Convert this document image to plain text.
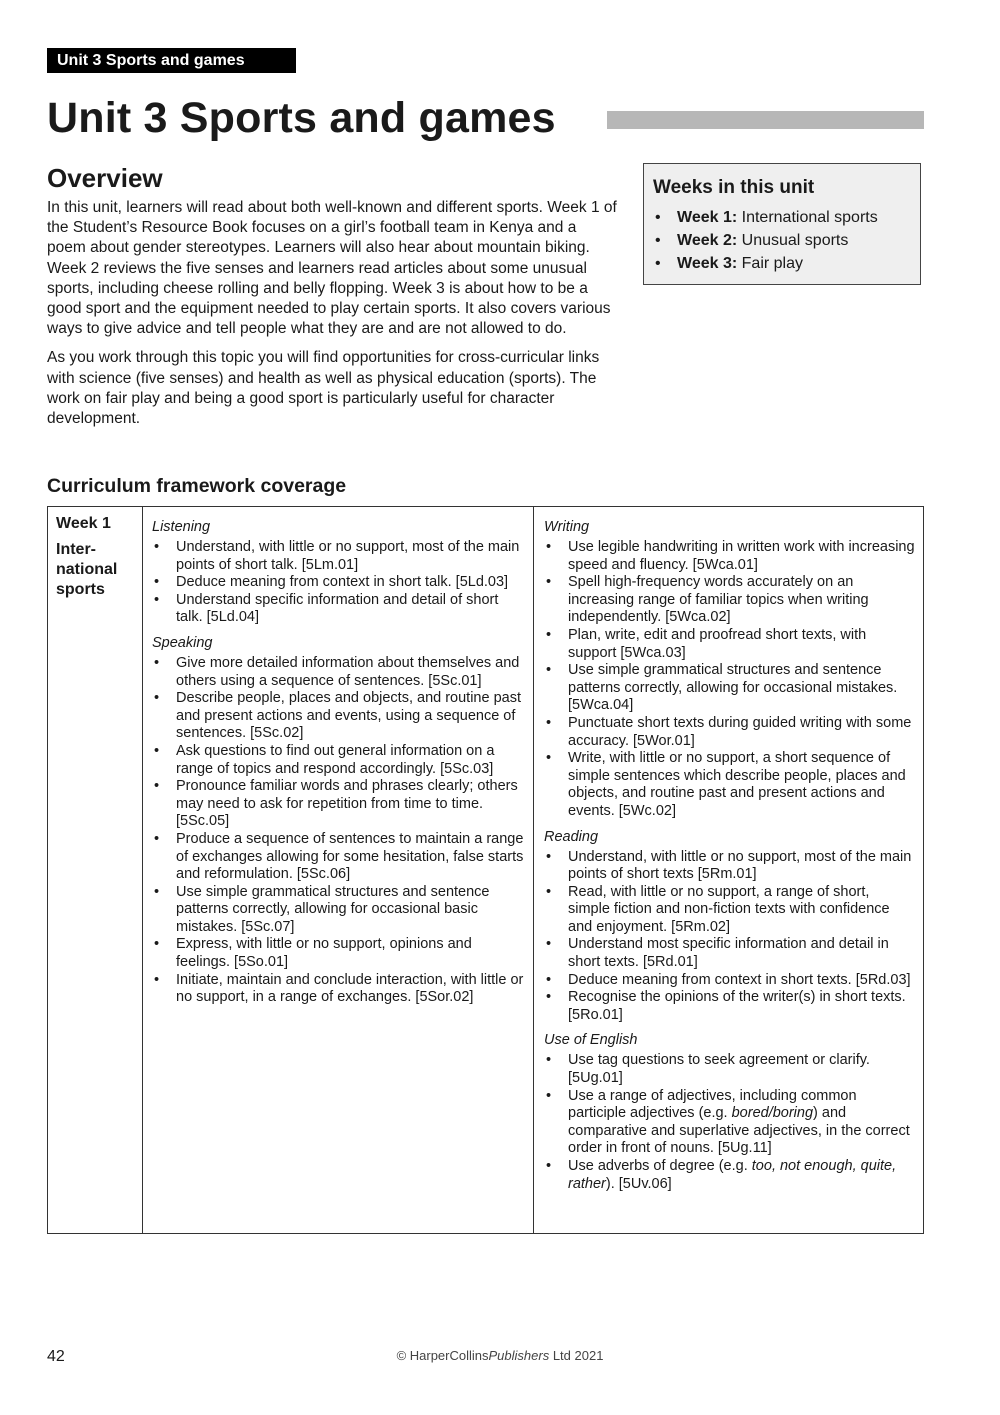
Unit 3 Sports and games
Unit 3 Sports and games
Overview

In this unit, learners will read about both well-known and different sports. Week 1 of the Student’s Resource Book focuses on a girl’s football team in Kenya and a poem about gender stereotypes. Learners will also hear about mountain biking. Week 2 reviews the five senses and learners read articles about some unusual sports, including cheese rolling and belly flopping. Week 3 is about how to be a good sport and the equipment needed to play certain sports. It also covers various ways to give advice and tell people what they are and are not allowed to do.

As you work through this topic you will find opportunities for cross-curricular links with science (five senses) and health as well as physical education (sports). The work on fair play and being a good sport is particularly useful for character development.

Weeks in this unit
• Week 1: International sports
• Week 2: Unusual sports
• Week 3: Fair play
Curriculum framework coverage
Week 1
Inter-
national
sports
Listening
• Understand, with little or no support, most of the main points of short talk. [5Lm.01]
• Deduce meaning from context in short talk. [5Ld.03]
• Understand specific information and detail of short talk. [5Ld.04]
Speaking
• Give more detailed information about themselves and others using a sequence of sentences. [5Sc.01]
• Describe people, places and objects, and routine past and present actions and events, using a sequence of sentences. [5Sc.02]
• Ask questions to find out general information on a range of topics and respond accordingly. [5Sc.03]
• Pronounce familiar words and phrases clearly; others may need to ask for repetition from time to time. [5Sc.05]
• Produce a sequence of sentences to maintain a range of exchanges allowing for some hesitation, false starts and reformulation. [5Sc.06]
• Use simple grammatical structures and sentence patterns correctly, allowing for occasional basic mistakes. [5Sc.07]
• Express, with little or no support, opinions and feelings. [5So.01]
• Initiate, maintain and conclude interaction, with little or no support, in a range of exchanges. [5Sor.02]
Writing
• Use legible handwriting in written work with increasing speed and fluency. [5Wca.01]
• Spell high-frequency words accurately on an increasing range of familiar topics when writing independently. [5Wca.02]
• Plan, write, edit and proofread short texts, with support [5Wca.03]
• Use simple grammatical structures and sentence patterns correctly, allowing for occasional mistakes. [5Wca.04]
• Punctuate short texts during guided writing with some accuracy. [5Wor.01]
• Write, with little or no support, a short sequence of simple sentences which describe people, places and objects, and routine past and present actions and events. [5Wc.02]
Reading
• Understand, with little or no support, most of the main points of short texts [5Rm.01]
• Read, with little or no support, a range of short, simple fiction and non-fiction texts with confidence and enjoyment. [5Rm.02]
• Understand most specific information and detail in short texts. [5Rd.01]
• Deduce meaning from context in short texts. [5Rd.03]
• Recognise the opinions of the writer(s) in short texts. [5Ro.01]
Use of English
• Use tag questions to seek agreement or clarify. [5Ug.01]
• Use a range of adjectives, including common participle adjectives (e.g. bored/boring) and comparative and superlative adjectives, in the correct order in front of nouns. [5Ug.11]
• Use adverbs of degree (e.g. too, not enough, quite, rather). [5Uv.06]
42	© HarperCollinsPublishers Ltd 2021
